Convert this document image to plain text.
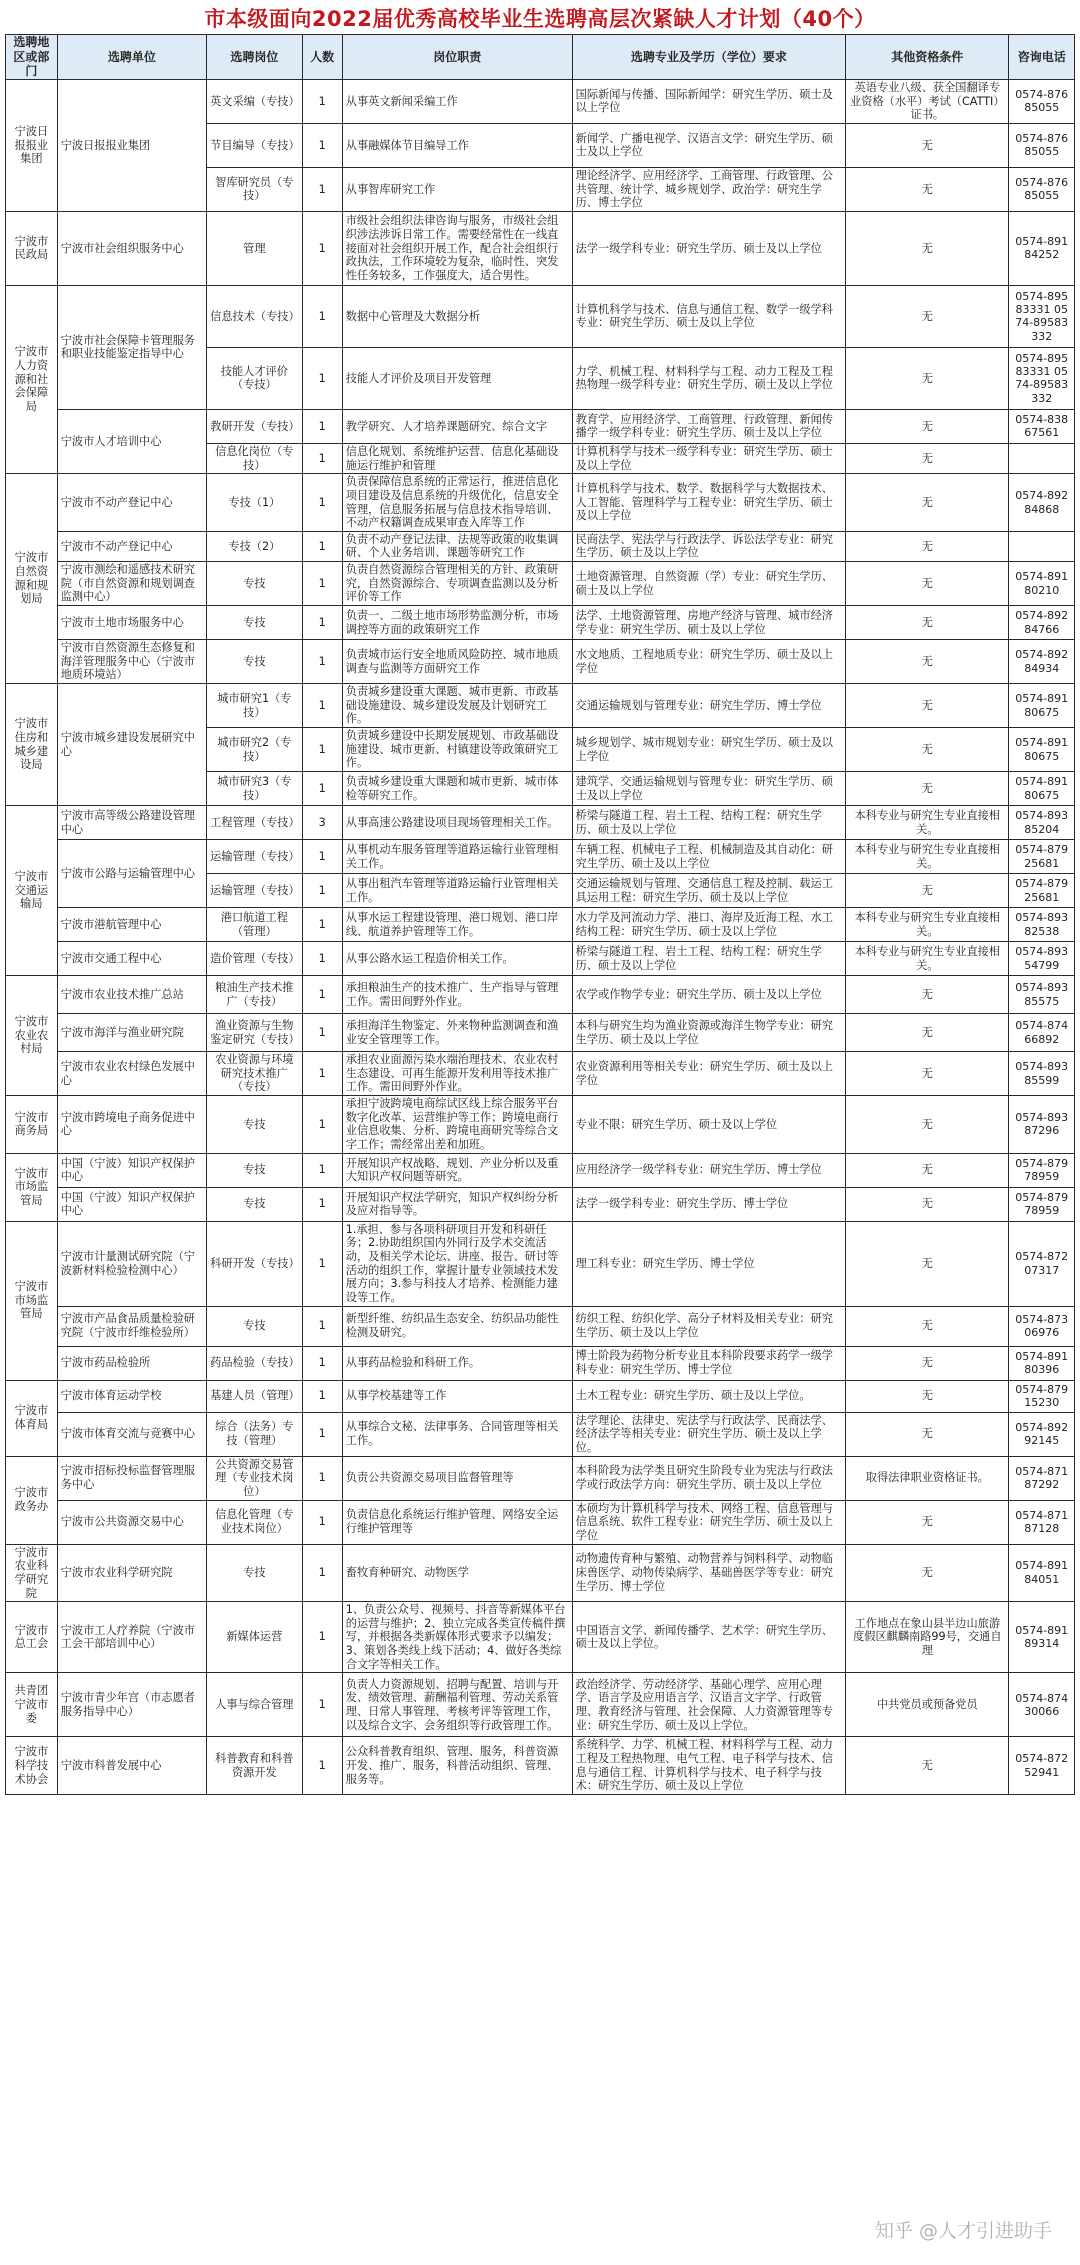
市本级面向2022届优秀高校毕业生选聘高层次紧缺人才计划（40个）
选聘地区或部门	选聘单位	选聘岗位	人数	岗位职责	选聘专业及学历（学位）要求	其他资格条件	咨询电话
宁波日报报业集团	宁波日报报业集团	英文采编（专技）	1	从事英文新闻采编工作	国际新闻与传播、国际新闻学：研究生学历、硕士及以上学位	英语专业八级、获全国翻译专业资格（水平）考试（CATTI）证书。	0574-87685055
		节目编导（专技）	1	从事融媒体节目编导工作	新闻学、广播电视学、汉语言文学：研究生学历、硕士及以上学位	无	0574-87685055
		智库研究员（专技）	1	从事智库研究工作	理论经济学、应用经济学、工商管理、行政管理、公共管理、统计学、城乡规划学、政治学：研究生学历、博士学位	无	0574-87685055
宁波市民政局	宁波市社会组织服务中心	管理	1	市级社会组织法律咨询与服务，市级社会组织涉法涉诉日常工作。需要经常性在一线直接面对社会组织开展工作，配合社会组织行政执法，工作环境较为复杂，临时性、突发性任务较多，工作强度大，适合男性。	法学一级学科专业：研究生学历、硕士及以上学位	无	0574-89184252
宁波市人力资源和社会保障局	宁波市社会保障卡管理服务和职业技能鉴定指导中心	信息技术（专技）	1	数据中心管理及大数据分析	计算机科学与技术、信息与通信工程、数学一级学科专业：研究生学历、硕士及以上学位	无	0574-89583331 0574-89583332
		技能人才评价（专技）	1	技能人才评价及项目开发管理	力学、机械工程、材料科学与工程、动力工程及工程热物理一级学科专业：研究生学历、硕士及以上学位	无	0574-89583331 0574-89583332
	宁波市人才培训中心	教研开发（专技）	1	教学研究、人才培养课题研究、综合文字	教育学、应用经济学、工商管理、行政管理、新闻传播学一级学科专业：研究生学历、硕士及以上学位	无	0574-83867561
		信息化岗位（专技）	1	信息化规划、系统维护运营、信息化基础设施运行维护和管理	计算机科学与技术一级学科专业：研究生学历、硕士及以上学位	无	
宁波市自然资源和规划局	宁波市不动产登记中心	专技（1）	1	负责保障信息系统的正常运行，推进信息化项目建设及信息系统的升级优化，信息安全管理，信息服务拓展与信息技术指导培训、不动产权籍调查成果审查入库等工作	计算机科学与技术、数学、数据科学与大数据技术、人工智能、管理科学与工程专业：研究生学历、硕士及以上学位	无	0574-89284868
	宁波市不动产登记中心	专技（2）	1	负责不动产登记法律、法规等政策的收集调研、个人业务培训、课题等研究工作	民商法学、宪法学与行政法学、诉讼法学专业：研究生学历、硕士及以上学位	无	
	宁波市测绘和遥感技术研究院（市自然资源和规划调查监测中心）	专技	1	负责自然资源综合管理相关的方针、政策研究，自然资源综合、专项调查监测以及分析评价等工作	土地资源管理、自然资源（学）专业：研究生学历、硕士及以上学位	无	0574-89180210
	宁波市土地市场服务中心	专技	1	负责一、二级土地市场形势监测分析，市场调控等方面的政策研究工作	法学、土地资源管理、房地产经济与管理、城市经济学专业：研究生学历、硕士及以上学位	无	0574-89284766
	宁波市自然资源生态修复和海洋管理服务中心（宁波市地质环境站）	专技	1	负责城市运行安全地质风险防控、城市地质调查与监测等方面研究工作	水文地质、工程地质专业：研究生学历、硕士及以上学位	无	0574-89284934
宁波市住房和城乡建设局	宁波市城乡建设发展研究中心	城市研究1（专技）	1	负责城乡建设重大课题、城市更新、市政基础设施建设、城乡建设发展及计划研究工作。	交通运输规划与管理专业：研究生学历、博士学位	无	0574-89180675
		城市研究2（专技）	1	负责城乡建设中长期发展规划、市政基础设施建设、城市更新、村镇建设等政策研究工作。	城乡规划学、城市规划专业：研究生学历、硕士及以上学位	无	0574-89180675
		城市研究3（专技）	1	负责城乡建设重大课题和城市更新、城市体检等研究工作。	建筑学、交通运输规划与管理专业：研究生学历、硕士及以上学位	无	0574-89180675
宁波市交通运输局	宁波市高等级公路建设管理中心	工程管理（专技）	3	从事高速公路建设项目现场管理相关工作。	桥梁与隧道工程、岩土工程、结构工程：研究生学历、硕士及以上学位	本科专业与研究生专业直接相关。	0574-89385204
	宁波市公路与运输管理中心	运输管理（专技）	1	从事机动车服务管理等道路运输行业管理相关工作。	车辆工程、机械电子工程、机械制造及其自动化：研究生学历、硕士及以上学位	本科专业与研究生专业直接相关。	0574-87925681
		运输管理（专技）	1	从事出租汽车管理等道路运输行业管理相关工作。	交通运输规划与管理、交通信息工程及控制、载运工具运用工程：研究生学历、硕士及以上学位	无	0574-87925681
	宁波市港航管理中心	港口航道工程（管理）	1	从事水运工程建设管理、港口规划、港口岸线、航道养护管理等工作。	水力学及河流动力学、港口、海岸及近海工程、水工结构工程：研究生学历、硕士及以上学位	本科专业与研究生专业直接相关。	0574-89382538
	宁波市交通工程中心	造价管理（专技）	1	从事公路水运工程造价相关工作。	桥梁与隧道工程、岩土工程、结构工程：研究生学历、硕士及以上学位	本科专业与研究生专业直接相关。	0574-89354799
宁波市农业农村局	宁波市农业技术推广总站	粮油生产技术推广（专技）	1	承担粮油生产的技术推广、生产指导与管理工作。需田间野外作业。	农学或作物学专业：研究生学历、硕士及以上学位	无	0574-89385575
	宁波市海洋与渔业研究院	渔业资源与生物鉴定研究（专技）	1	承担海洋生物鉴定、外来物种监测调查和渔业安全管理等工作。	本科与研究生均为渔业资源或海洋生物学专业：研究生学历、硕士及以上学位	无	0574-87466892
	宁波市农业农村绿色发展中心	农业资源与环境研究技术推广（专技）	1	承担农业面源污染水端治理技术、农业农村生态建设、可再生能源开发利用等技术推广工作。需田间野外作业。	农业资源利用等相关专业：研究生学历、硕士及以上学位	无	0574-89385599
宁波市商务局	宁波市跨境电子商务促进中心	专技	1	承担宁波跨境电商综试区线上综合服务平台数字化改革、运营维护等工作；跨境电商行业信息收集、分析、跨境电商研究等综合文字工作；需经常出差和加班。	专业不限：研究生学历、硕士及以上学位	无	0574-89387296
宁波市市场监管局	中国（宁波）知识产权保护中心	专技	1	开展知识产权战略、规划、产业分析以及重大知识产权问题等研究。	应用经济学一级学科专业：研究生学历、博士学位	无	0574-87978959
	中国（宁波）知识产权保护中心	专技	1	开展知识产权法学研究，知识产权纠纷分析及应对指导等。	法学一级学科专业：研究生学历、博士学位	无	0574-87978959
宁波市市场监管局	宁波市计量测试研究院（宁波新材料检验检测中心）	科研开发（专技）	1	1.承担、参与各项科研项目开发和科研任务；2.协助组织国内外同行及学术交流活动，及相关学术论坛、讲座、报告、研讨等活动的组织工作，掌握计量专业领域技术发展方向；3.参与科技人才培养、检测能力建设等工作。	理工科专业：研究生学历、博士学位	无	0574-87207317
	宁波市产品食品质量检验研究院（宁波市纤维检验所）	专技	1	新型纤维、纺织品生态安全、纺织品功能性检测及研究。	纺织工程、纺织化学、高分子材料及相关专业：研究生学历、硕士及以上学位	无	0574-87306976
	宁波市药品检验所	药品检验（专技）	1	从事药品检验和科研工作。	博士阶段为药物分析专业且本科阶段要求药学一级学科专业：研究生学历、博士学位	无	0574-89180396
宁波市体育局	宁波市体育运动学校	基建人员（管理）	1	从事学校基建等工作	土木工程专业：研究生学历、硕士及以上学位。	无	0574-87915230
	宁波市体育交流与竞赛中心	综合（法务）专技（管理）	1	从事综合文秘、法律事务、合同管理等相关工作。	法学理论、法律史、宪法学与行政法学、民商法学、经济法学等相关专业：研究生学历、硕士及以上学位。	无	0574-89292145
宁波市政务办	宁波市招标投标监督管理服务中心	公共资源交易管理（专业技术岗位）	1	负责公共资源交易项目监督管理等	本科阶段为法学类且研究生阶段专业为宪法与行政法学或行政法学方向：研究生学历、硕士及以上学位	取得法律职业资格证书。	0574-87187292
	宁波市公共资源交易中心	信息化管理（专业技术岗位）	1	负责信息化系统运行维护管理、网络安全运行维护管理等	本硕均为计算机科学与技术、网络工程、信息管理与信息系统、软件工程专业：研究生学历、硕士及以上学位	无	0574-87187128
宁波市农业科学研究院	宁波市农业科学研究院	专技	1	畜牧育种研究、动物医学	动物遗传育种与繁殖、动物营养与饲料科学、动物临床兽医学、动物传染病学、基础兽医学等专业：研究生学历、博士学位	无	0574-89184051
宁波市总工会	宁波市工人疗养院（宁波市工会干部培训中心）	新媒体运营	1	1、负责公众号、视频号、抖音等新媒体平台的运营与维护；2、独立完成各类宣传稿件撰写，并根据各类新媒体形式要求予以编发；3、策划各类线上线下活动；4、做好各类综合文字等相关工作。	中国语言文学、新闻传播学、艺术学：研究生学历、硕士及以上学位。	工作地点在象山县半边山旅游度假区麒麟南路99号，交通自理	0574-89189314
共青团宁波市委	宁波市青少年宫（市志愿者服务指导中心）	人事与综合管理	1	负责人力资源规划、招聘与配置、培训与开发、绩效管理、薪酬福利管理、劳动关系管理、日常人事管理、考核考评等管理工作，以及综合文字、会务组织等行政管理工作。	政治经济学、劳动经济学、基础心理学、应用心理学、语言学及应用语言学、汉语言文字学、行政管理、教育经济与管理、社会保障、人力资源管理等专业：研究生学历、硕士及以上学位。	中共党员或预备党员	0574-87430066
宁波市科学技术协会	宁波市科普发展中心	科普教育和科普资源开发	1	公众科普教育组织、管理、服务，科普资源开发、推广、服务，科普活动组织、管理、服务等。	系统科学、力学、机械工程、材料科学与工程、动力工程及工程热物理、电气工程、电子科学与技术、信息与通信工程、计算机科学与技术、电子科学与技术：研究生学历、硕士及以上学位	无	0574-87252941
知乎 @人才引进助手
